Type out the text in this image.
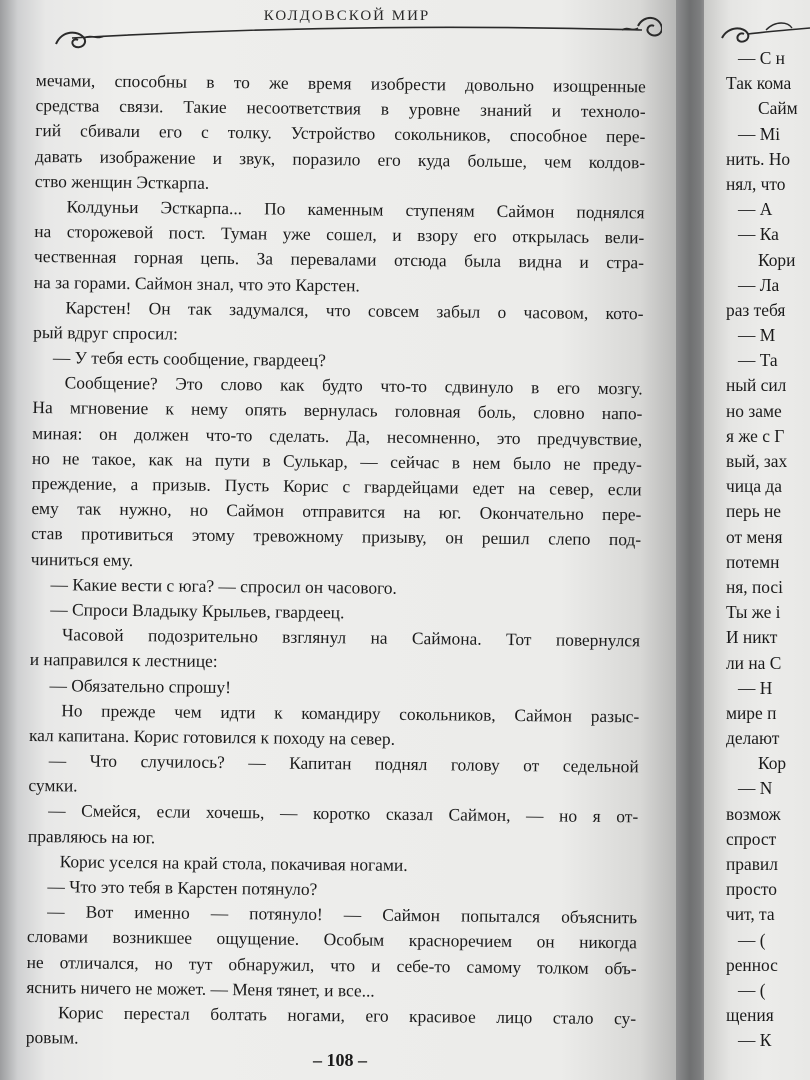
КОЛДОВСКОЙ МИР
мечами, способны в то же время изобрести довольно изощренные
средства связи. Такие несоответствия в уровне знаний и техноло-
гий сбивали его с толку. Устройство сокольников, способное пере-
давать изображение и звук, поразило его куда больше, чем колдов-
ство женщин Эсткарпа.
Колдуньи Эсткарпа... По каменным ступеням Саймон поднялся
на сторожевой пост. Туман уже сошел, и взору его открылась вели-
чественная горная цепь. За перевалами отсюда была видна и стра-
на за горами. Саймон знал, что это Карстен.
Карстен! Он так задумался, что совсем забыл о часовом, кото-
рый вдруг спросил:
— У тебя есть сообщение, гвардеец?
Сообщение? Это слово как будто что-то сдвинуло в его мозгу.
На мгновение к нему опять вернулась головная боль, словно напо-
миная: он должен что-то сделать. Да, несомненно, это предчувствие,
но не такое, как на пути в Сулькар, — сейчас в нем было не преду-
преждение, а призыв. Пусть Корис с гвардейцами едет на север, если
ему так нужно, но Саймон отправится на юг. Окончательно пере-
став противиться этому тревожному призыву, он решил слепо под-
чиниться ему.
— Какие вести с юга? — спросил он часового.
— Спроси Владыку Крыльев, гвардеец.
Часовой подозрительно взглянул на Саймона. Тот повернулся
и направился к лестнице:
— Обязательно спрошу!
Но прежде чем идти к командиру сокольников, Саймон разыс-
кал капитана. Корис готовился к походу на север.
— Что случилось? — Капитан поднял голову от седельной
сумки.
— Смейся, если хочешь, — коротко сказал Саймон, — но я от-
правляюсь на юг.
Корис уселся на край стола, покачивая ногами.
— Что это тебя в Карстен потянуло?
— Вот именно — потянуло! — Саймон попытался объяснить
словами возникшее ощущение. Особым красноречием он никогда
не отличался, но тут обнаружил, что и себе-то самому толком объ-
яснить ничего не может. — Меня тянет, и все...
Корис перестал болтать ногами, его красивое лицо стало су-
ровым.
– 108 –
— С н
Так кома
Сайм
— Мі
нить. Но
нял, что
— А
— Ка
Кори
— Ла
раз тебя
— М
— Та
ный сил
но заме
я же с Г
вый, зах
чица да
перь не
от меня
потемн
ня, посі
Ты же і
И никт
ли на С
— Н
мире п
делают
Кор
— N
возмож
спрост
правил
просто
чит, та
— (
реннос
— (
щения
— К
